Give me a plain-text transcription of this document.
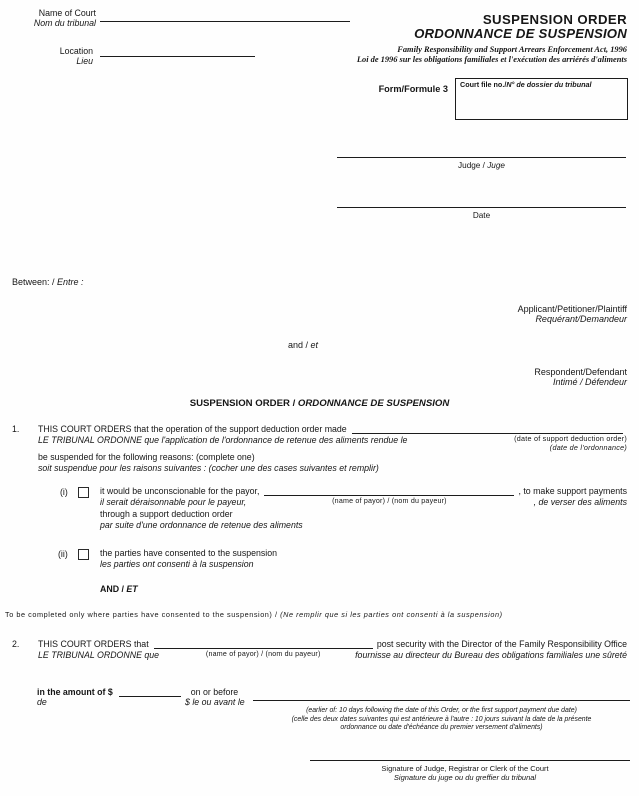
Name of Court
Nom du tribunal
Location
Lieu
SUSPENSION ORDER
ORDONNANCE DE SUSPENSION
Family Responsibility and Support Arrears Enforcement Act, 1996
Loi de 1996 sur les obligations familiales et l'exécution des arriérés d'aliments
Form/Formule 3	Court file no./N° de dossier du tribunal
Judge / Juge
Date
Between: / Entre :
Applicant/Petitioner/Plaintiff
Requérant/Demandeur
and / et
Respondent/Defendant
Intimé / Défendeur
SUSPENSION ORDER / ORDONNANCE DE SUSPENSION
1. THIS COURT ORDERS that the operation of the support deduction order made
LE TRIBUNAL ORDONNE que l'application de l'ordonnance de retenue des aliments rendue le
be suspended for the following reasons: (complete one)
soit suspendue pour les raisons suivantes : (cocher une des cases suivantes et remplir)
(date of support deduction order)
(date de l'ordonnance)
(i)	it would be unconscionable for the payor,
(name of payor) / (nom du payeur)
, to make support payments
il serait déraisonnable pour le payeur,	, de verser des aliments
through a support deduction order
par suite d'une ordonnance de retenue des aliments
(ii)	the parties have consented to the suspension
les parties ont consenti à la suspension
AND / ET
To be completed only where parties have consented to the suspension) / (Ne remplir que si les parties ont consenti à la suspension)
2. THIS COURT ORDERS that
(name of payor) / (nom du payeur)
post security with the Director of the Family Responsibility Office
LE TRIBUNAL ORDONNE que	fournisse au directeur du Bureau des obligations familiales une sûreté
in the amount of $	on or before
de	$ le ou avant le
(earlier of: 10 days following the date of this Order, or the first support payment due date)
(celle des deux dates suivantes qui est antérieure à l'autre : 10 jours suivant la date de la présente
ordonnance ou date d'échéance du premier versement d'aliments)
Signature of Judge, Registrar or Clerk of the Court
Signature du juge ou du greffier du tribunal
